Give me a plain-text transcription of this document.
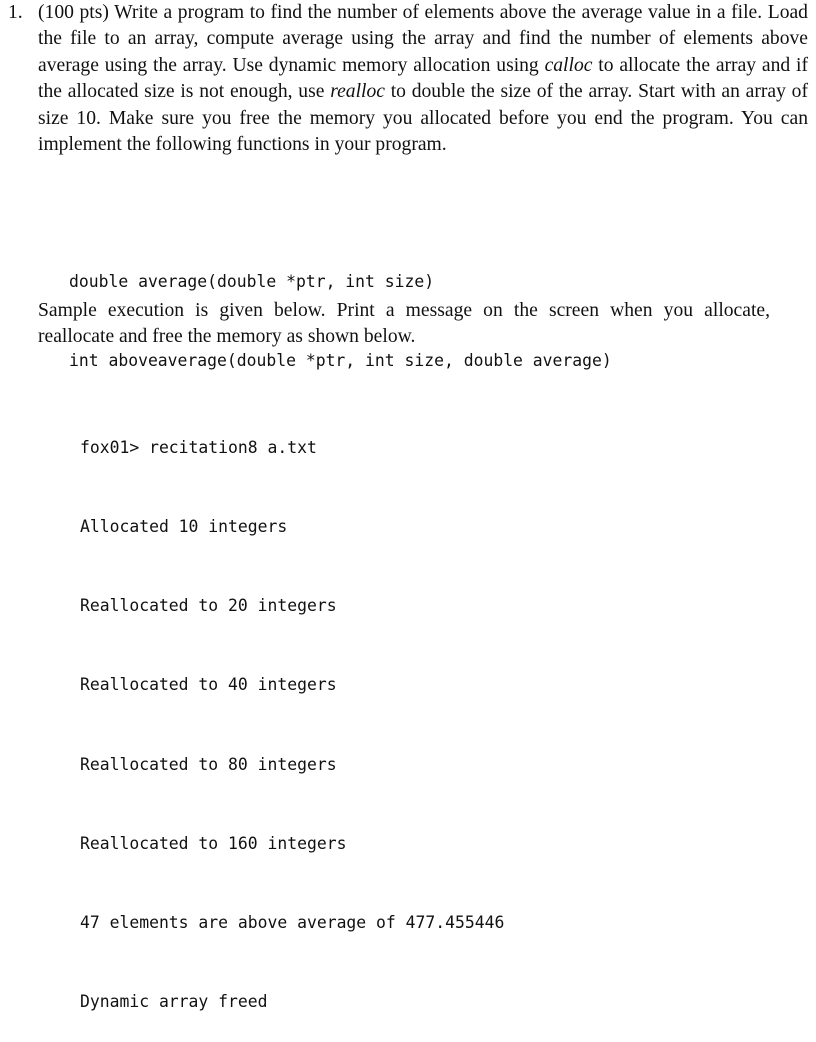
1. (100 pts) Write a program to find the number of elements above the average value in a file. Load the file to an array, compute average using the array and find the number of elements above average using the array. Use dynamic memory allocation using calloc to allocate the array and if the allocated size is not enough, use realloc to double the size of the array. Start with an array of size 10. Make sure you free the memory you allocated before you end the program. You can implement the following functions in your program.

double average(double *ptr, int size)

int aboveaverage(double *ptr, int size, double average)

Sample execution is given below. Print a message on the screen when you allocate, reallocate and free the memory as shown below.

fox01> recitation8 a.txt

Allocated 10 integers

Reallocated to 20 integers

Reallocated to 40 integers

Reallocated to 80 integers

Reallocated to 160 integers

47 elements are above average of 477.455446

Dynamic array freed
